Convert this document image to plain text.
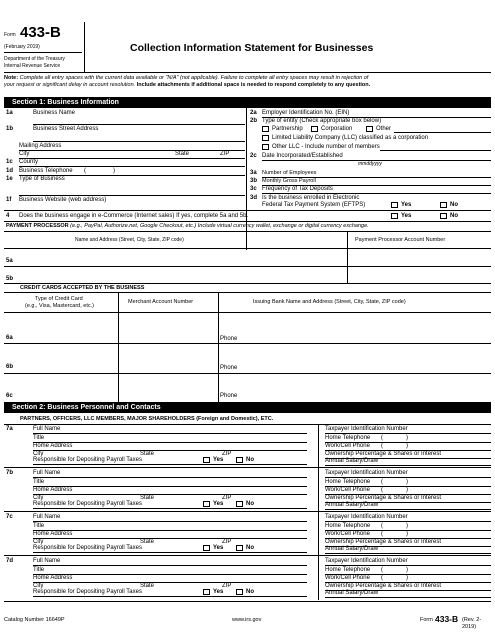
Form 433-B
(February 2019)
Department of the Treasury
Internal Revenue Service
Collection Information Statement for Businesses
Note: Complete all entry spaces with the current data available or "N/A" (not applicable). Failure to complete all entry spaces may result in rejection of
your request or significant delay in account resolution. Include attachments if additional space is needed to respond completely to any question.
Section 1: Business Information
1a	Business Name
1b	Business Street Address
Mailing Address
City	State	ZIP
1c County
1d Business Telephone (	)
1e Type of Business
1f Business Website (web address)
2a Employer Identification No. (EIN)
2b Type of entity (Check appropriate box below)
Partnership	Corporation	Other
Limited Liability Company (LLC) classified as a corporation
Other LLC - Include number of members
2c Date Incorporated/Established
mmddyyyy
3a Number of Employees
3b Monthly Gross Payroll
3c Frequency of Tax Deposits
3d Is the business enrolled in Electronic
Federal Tax Payment System (EFTPS)	Yes	No
4 Does the business engage in e-Commerce (Internet sales) If yes, complete 5a and 5b.	Yes	No
PAYMENT PROCESSOR (e.g., PayPal, Authorize.net, Google Checkout, etc.) Include virtual currency wallet, exchange or digital currency exchange.
Name and Address (Street, City, State, ZIP code)	Payment Processor Account Number
5a
5b
CREDIT CARDS ACCEPTED BY THE BUSINESS
Type of Credit Card
(e.g., Visa, Mastercard, etc.)
Merchant Account Number	Issuing Bank Name and Address (Street, City, State, ZIP code)
6a	Phone
6b	Phone
6c	Phone
Section 2: Business Personnel and Contacts
PARTNERS, OFFICERS, LLC MEMBERS, MAJOR SHAREHOLDERS (Foreign and Domestic), ETC.
7a	Full Name
Title
Home Address
City	State	ZIP
Responsible for Depositing Payroll Taxes	Yes	No
Taxpayer Identification Number
Home Telephone (	)
Work/Cell Phone (	)
Ownership Percentage & Shares or Interest
Annual Salary/Draw
7b	Full Name
Title
Home Address
City	State	ZIP
Responsible for Depositing Payroll Taxes	Yes	No
Taxpayer Identification Number
Home Telephone (	)
Work/Cell Phone (	)
Ownership Percentage & Shares or Interest
Annual Salary/Draw
7c	Full Name
Title
Home Address
City	State	ZIP
Responsible for Depositing Payroll Taxes	Yes	No
Taxpayer Identification Number
Home Telephone (	)
Work/Cell Phone (	)
Ownership Percentage & Shares or Interest
Annual Salary/Draw
7d	Full Name
Title
Home Address
City	State	ZIP
Responsible for Depositing Payroll Taxes	Yes	No
Taxpayer Identification Number
Home Telephone (	)
Work/Cell Phone (	)
Ownership Percentage & Shares or Interest
Annual Salary/Draw
Catalog Number 16649P	www.irs.gov	Form 433-B (Rev. 2-2019)
